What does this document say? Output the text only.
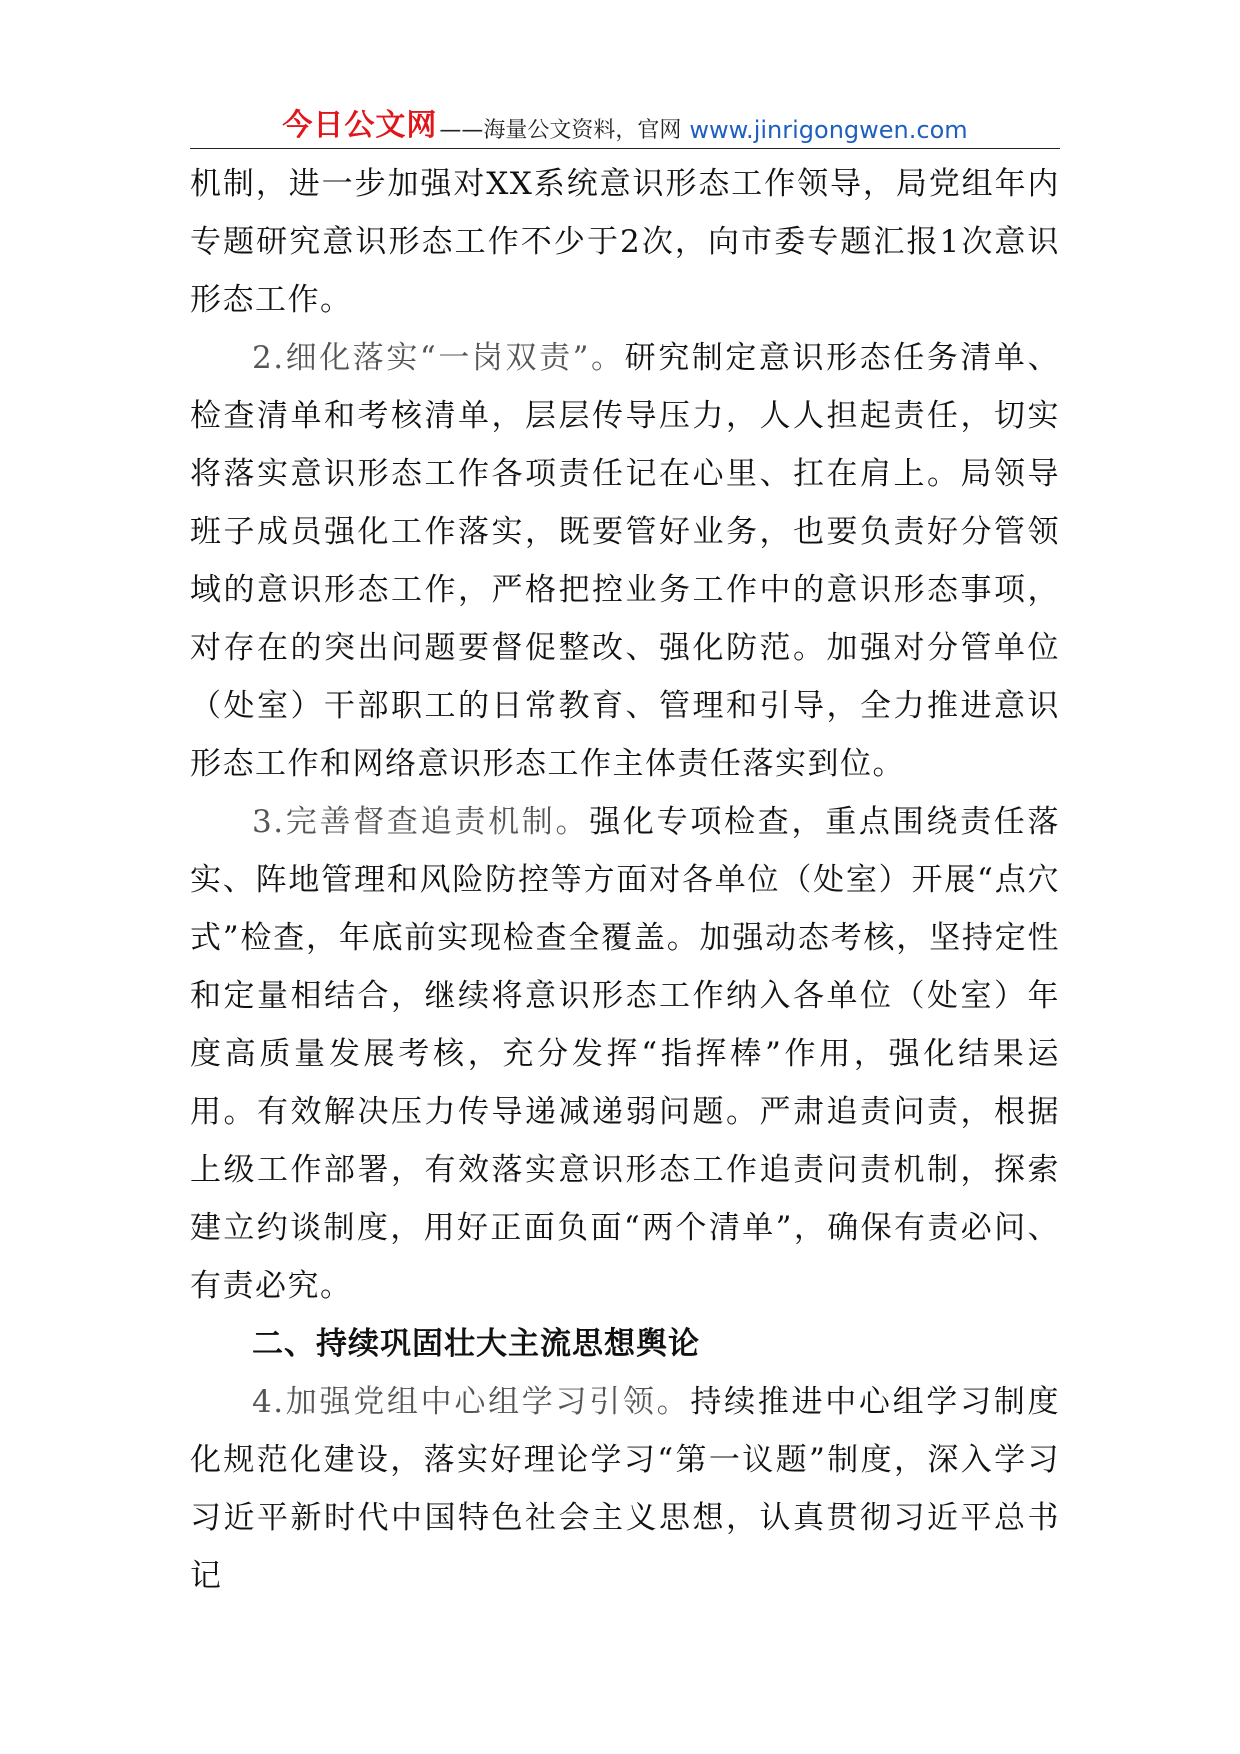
今日公文网 ——海量公文资料，官网 www.jinrigongwen.com

机制，进一步加强对XX系统意识形态工作领导，局党组年内专题研究意识形态工作不少于2次，向市委专题汇报1次意识形态工作。

2.细化落实“一岗双责”。研究制定意识形态任务清单、检查清单和考核清单，层层传导压力，人人担起责任，切实将落实意识形态工作各项责任记在心里、扛在肩上。局领导班子成员强化工作落实，既要管好业务，也要负责好分管领域的意识形态工作，严格把控业务工作中的意识形态事项，对存在的突出问题要督促整改、强化防范。加强对分管单位（处室）干部职工的日常教育、管理和引导，全力推进意识形态工作和网络意识形态工作主体责任落实到位。

3.完善督查追责机制。强化专项检查，重点围绕责任落实、阵地管理和风险防控等方面对各单位（处室）开展“点穴式”检查，年底前实现检查全覆盖。加强动态考核，坚持定性和定量相结合，继续将意识形态工作纳入各单位（处室）年度高质量发展考核，充分发挥“指挥棒”作用，强化结果运用。有效解决压力传导递减递弱问题。严肃追责问责，根据上级工作部署，有效落实意识形态工作追责问责机制，探索建立约谈制度，用好正面负面“两个清单”，确保有责必问、有责必究。

二、持续巩固壮大主流思想舆论

4.加强党组中心组学习引领。持续推进中心组学习制度化规范化建设，落实好理论学习“第一议题”制度，深入学习习近平新时代中国特色社会主义思想，认真贯彻习近平总书记
